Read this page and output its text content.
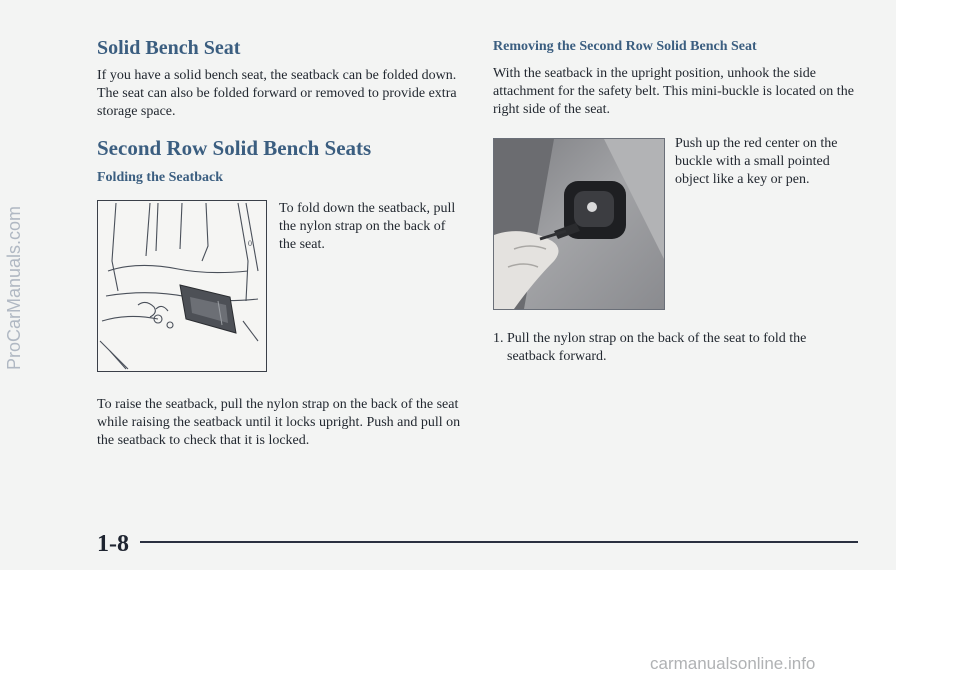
Solid Bench Seat

If you have a solid bench seat, the seatback can be folded down. The seat can also be folded forward or removed to provide extra storage space.

Second Row Solid Bench Seats
Folding the Seatback
0

To fold down the seatback, pull the nylon strap on the back of the seat.

To raise the seatback, pull the nylon strap on the back of the seat while raising the seatback until it locks upright. Push and pull on the seatback to check that it is locked.

Removing the Second Row Solid Bench Seat

With the seatback in the upright position, unhook the side attachment for the safety belt. This mini-buckle is located on the right side of the seat.

Push up the red center on the buckle with a small pointed object like a key or pen.

1. Pull the nylon strap on the back of the seat to fold the seatback forward.
1-8
ProCarManuals.com
carmanualsonline.info
